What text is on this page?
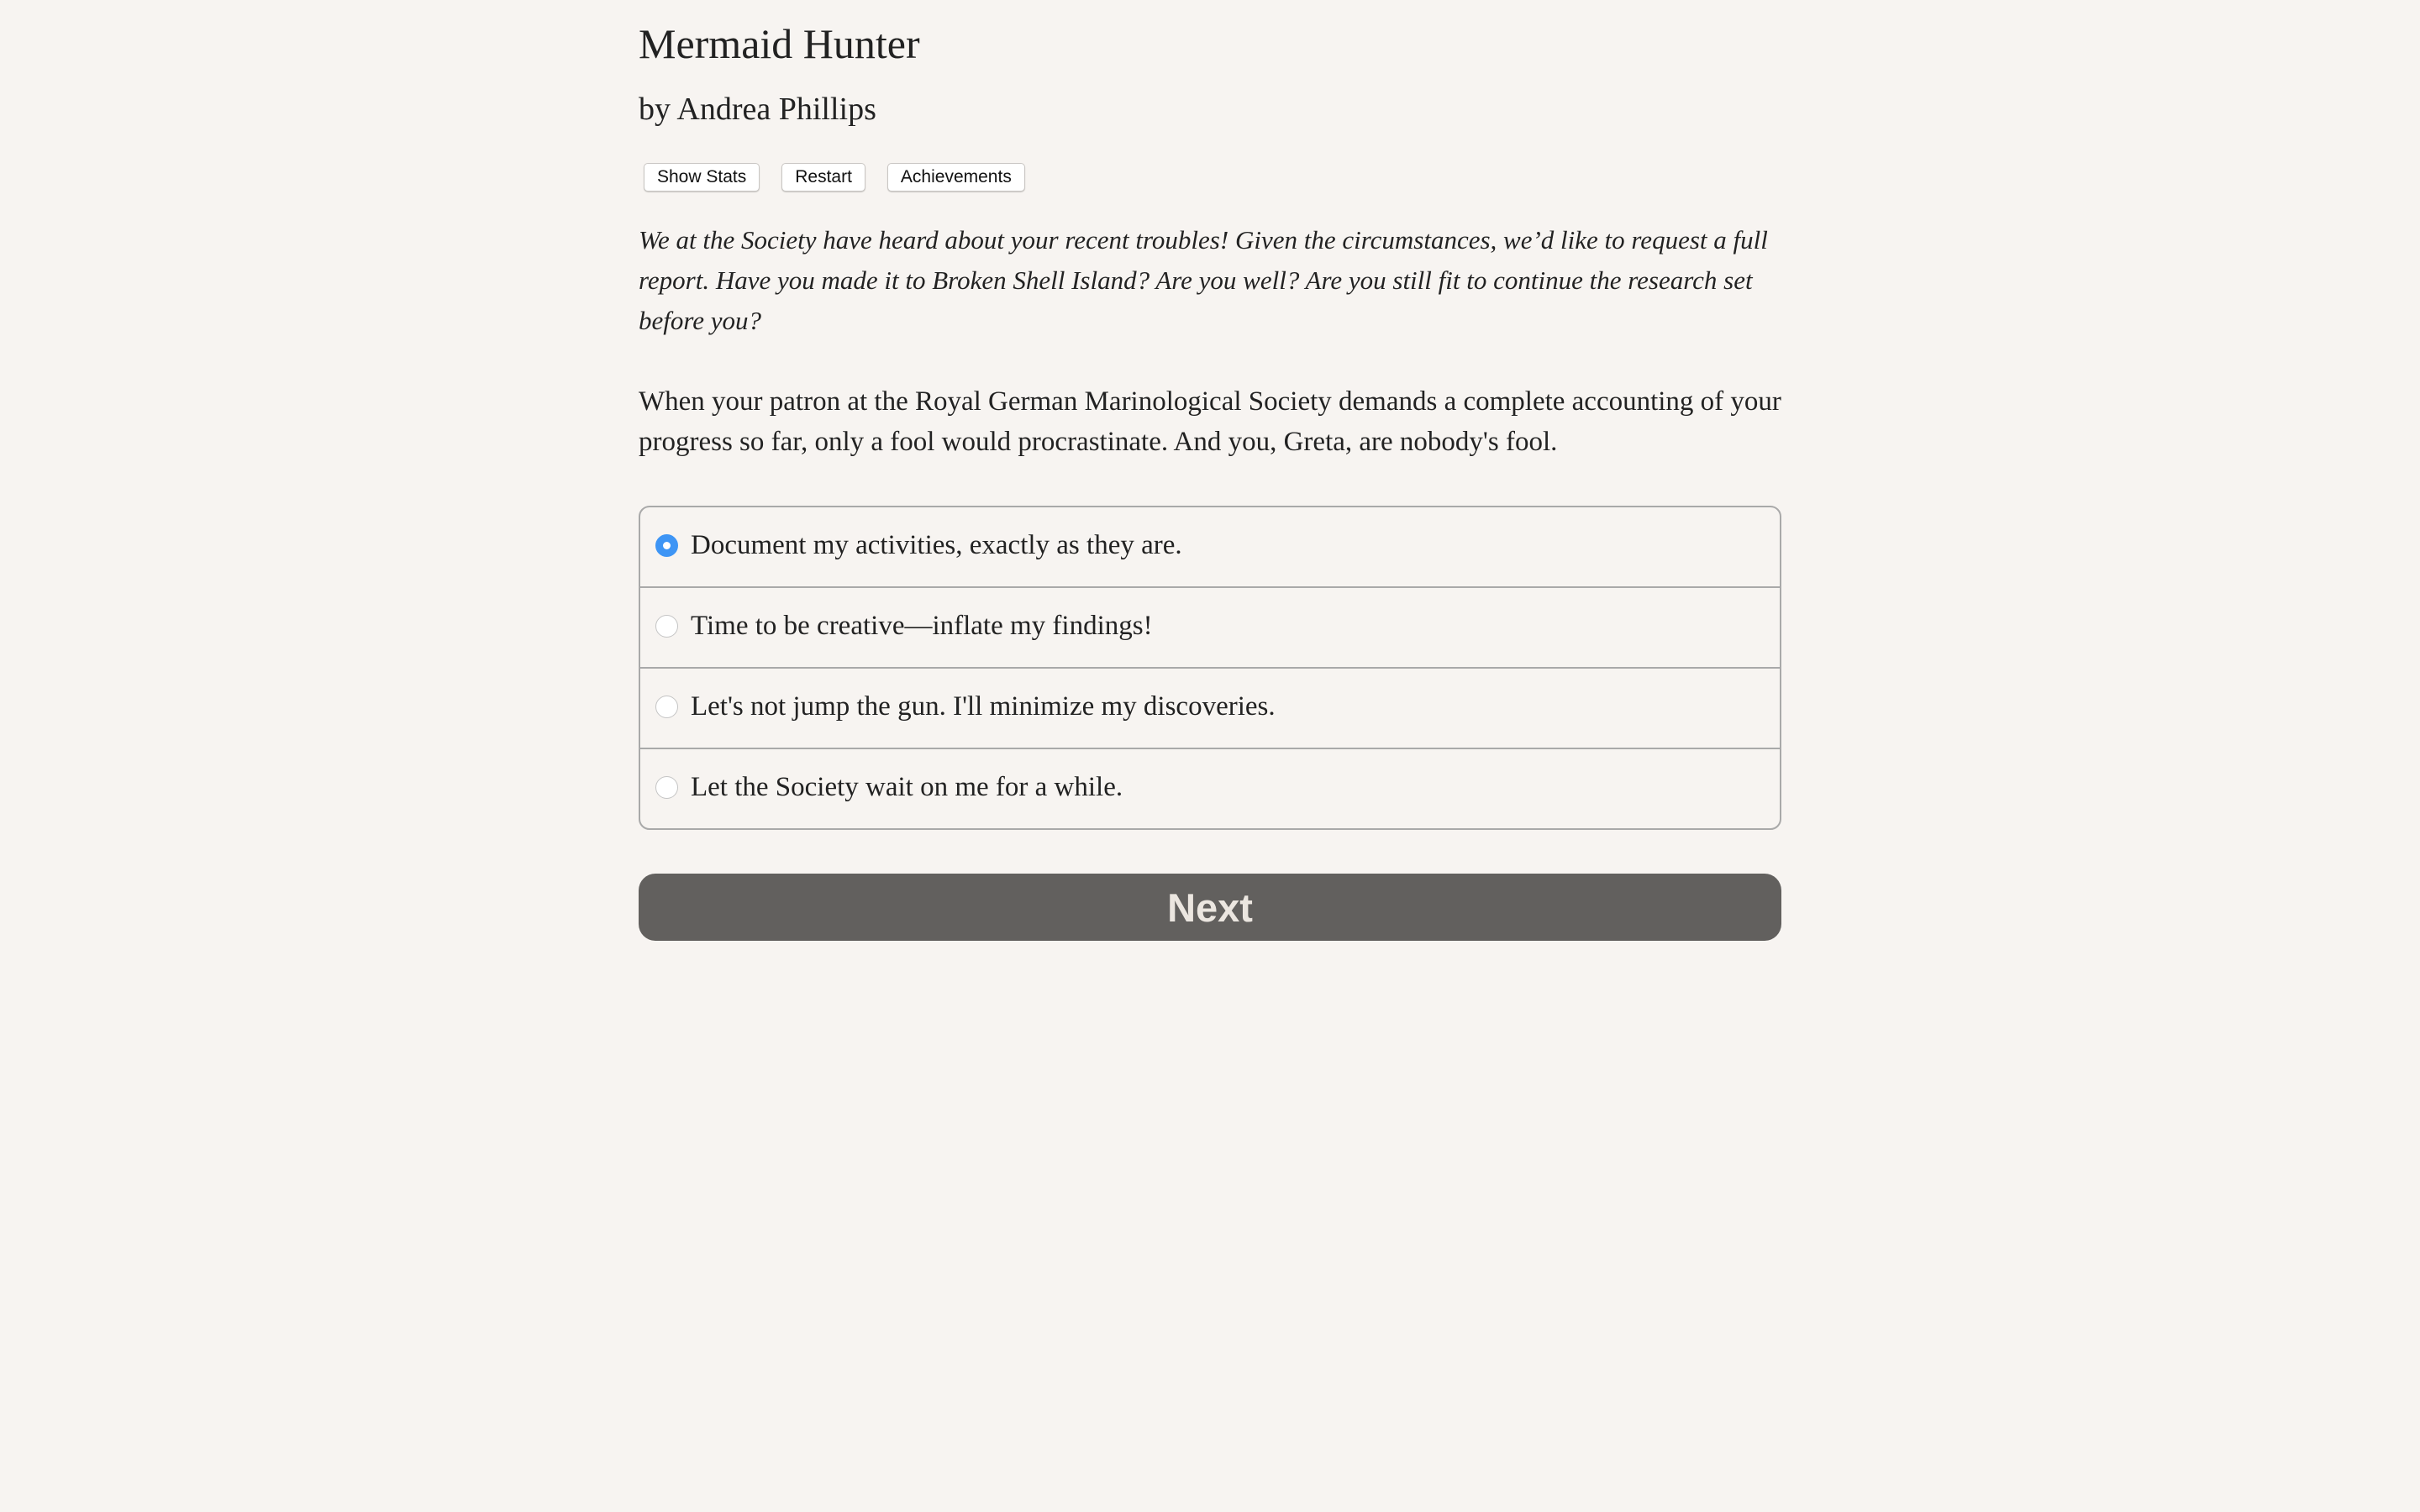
Mermaid Hunter
by Andrea Phillips
Show Stats	Restart	Achievements

We at the Society have heard about your recent troubles! Given the circumstances, we’d like to request a full report. Have you made it to Broken Shell Island? Are you well? Are you still fit to continue the research set before you?

When your patron at the Royal German Marinological Society demands a complete accounting of your progress so far, only a fool would procrastinate. And you, Greta, are nobody's fool.

Document my activities, exactly as they are.
Time to be creative—inflate my findings!
Let's not jump the gun. I'll minimize my discoveries.
Let the Society wait on me for a while.
Next
